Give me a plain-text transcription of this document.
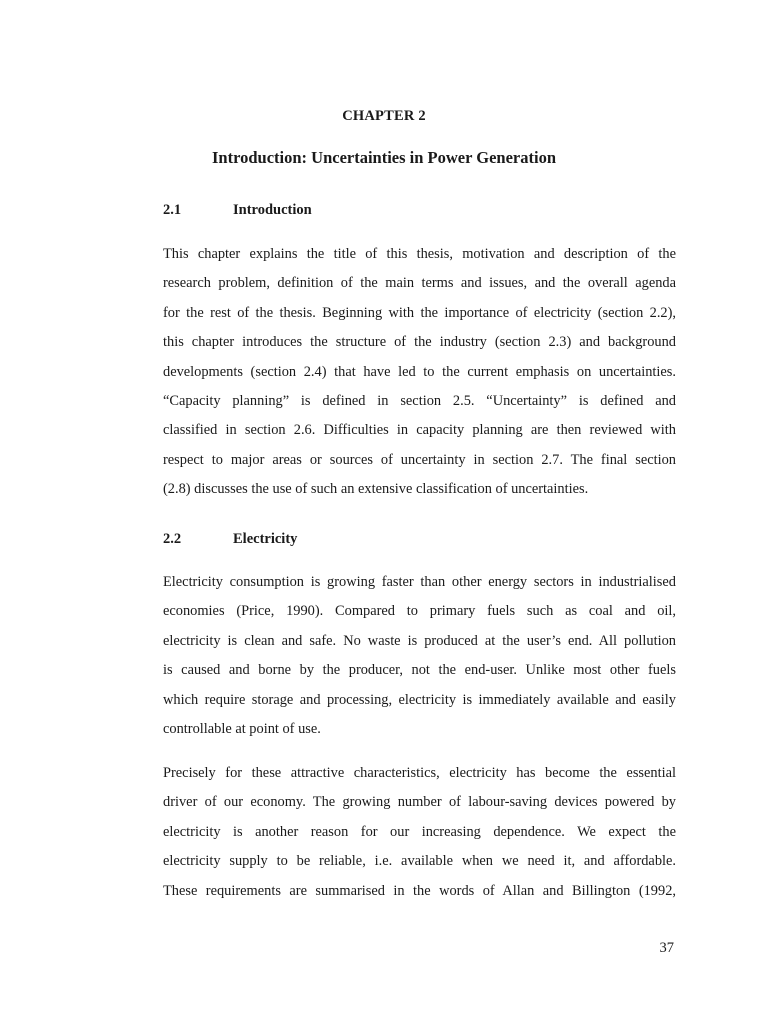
CHAPTER 2
Introduction: Uncertainties in Power Generation
2.1	Introduction
This chapter explains the title of this thesis, motivation and description of the
research problem, definition of the main terms and issues, and the overall agenda
for the rest of the thesis. Beginning with the importance of electricity (section 2.2),
this chapter introduces the structure of the industry (section 2.3) and background
developments (section 2.4) that have led to the current emphasis on uncertainties.
“Capacity planning” is defined in section 2.5. “Uncertainty” is defined and
classified in section 2.6. Difficulties in capacity planning are then reviewed with
respect to major areas or sources of uncertainty in section 2.7. The final section
(2.8) discusses the use of such an extensive classification of uncertainties.
2.2	Electricity
Electricity consumption is growing faster than other energy sectors in industrialised
economies (Price, 1990). Compared to primary fuels such as coal and oil,
electricity is clean and safe. No waste is produced at the user’s end. All pollution
is caused and borne by the producer, not the end-user. Unlike most other fuels
which require storage and processing, electricity is immediately available and easily
controllable at point of use.
Precisely for these attractive characteristics, electricity has become the essential
driver of our economy. The growing number of labour-saving devices powered by
electricity is another reason for our increasing dependence. We expect the
electricity supply to be reliable, i.e. available when we need it, and affordable.
These requirements are summarised in the words of Allan and Billington (1992,
37
